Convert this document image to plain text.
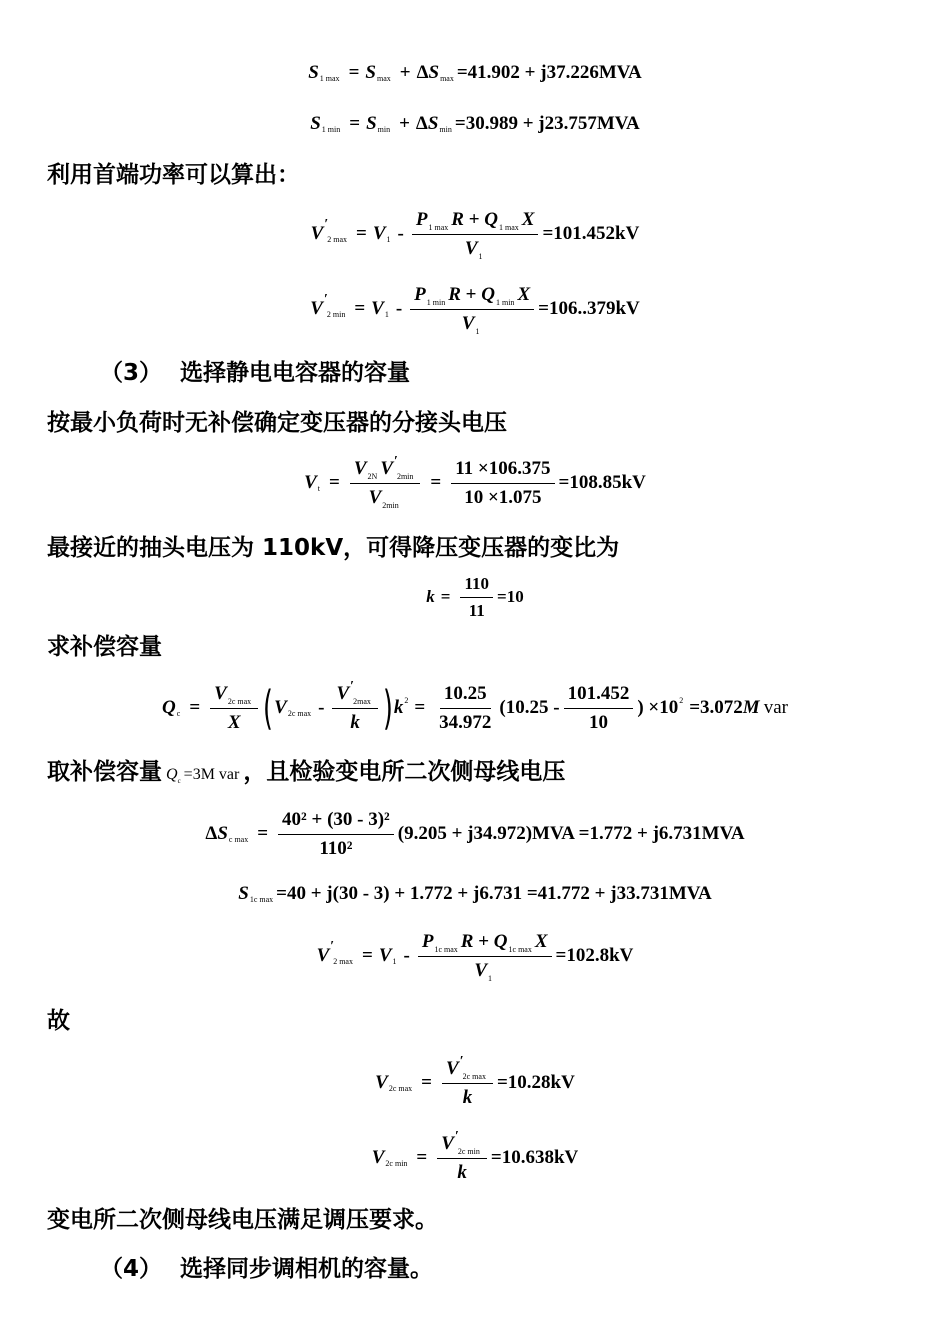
S 1 max = S max + Δ S max =41.902 + j37.226MVA
S 1 min = S min + Δ S min =30.989 + j23.757MVA
利用首端功率可以算出：
V ′
2 max = V $1 - \frac{P_{1 max} R + Q_{1 max} X}{V_1} =101.452kV$
V ′
2 min = V $1 - \frac{P_{1 min} R + Q_{1 min} X}{V_1} =106..379kV$
（3） 选择静电电容器的容量
按最小负荷时无补偿确定变压器的分接头电压
V $t = \frac{V_{2N} V'_{2min}}{V_{2min}} = \frac{11 \times 106.375}{10 \times 1.075} =108.85kV$
最接近的抽头电压为 110kV，可得降压变压器的变比为
$k = \frac{110}{11} =10$
求补偿容量
Q $c = \frac{V_{2c max}}{X}$ ( V 2c max - $\frac{V'_{2max}}{k}$ ) k $2 = \frac{10.25}{34.972} (10.25 - \frac{101.452}{10}$ ) ×10 2 =3.072 M var
取补偿容量 $Q_c =3M$ var ，且检验变电所二次侧母线电压
Δ S c $\max = \frac{\text{40² + (30 - 3)²}}{\text{110²}} (9.205 + j34.972)MVA =1.772 + j6.731MVA$
S 1c max =40 + j(30 - 3) + 1.772 + j6.731 =41.772 + j33.731MVA
V ′
2 max = V $1 - \frac{P_{1c max} R + Q_{1c max} X}{V_1} =102.8kV$
故
V 2c $\max = \frac{V'_{2c max}}{k} =10.28kV$
V 2c $\min = \frac{V'_{2c min}}{k} =10.638kV$
变电所二次侧母线电压满足调压要求。
（4） 选择同步调相机的容量。
